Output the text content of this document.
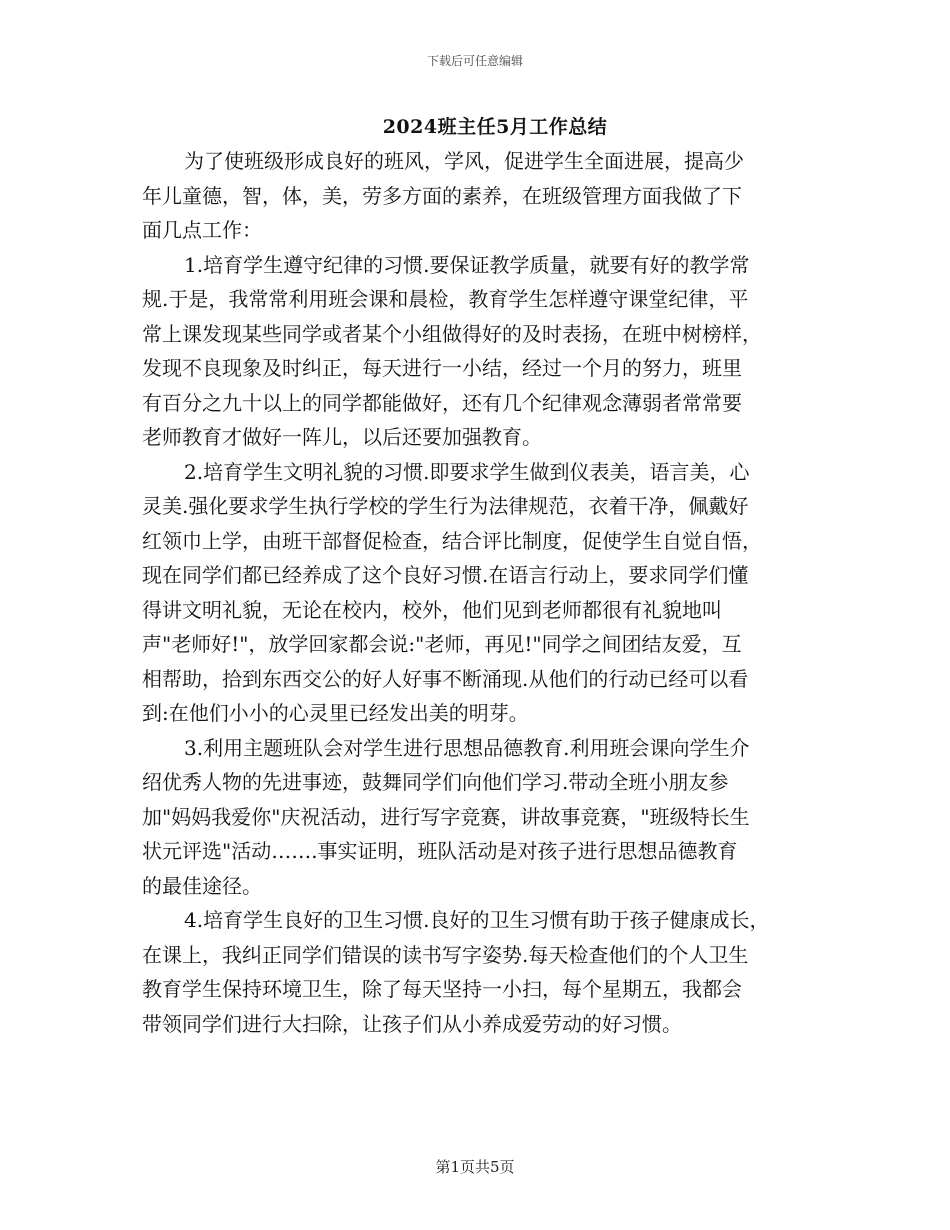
下载后可任意编辑
2024班主任5月工作总结
为了使班级形成良好的班风，学风，促进学生全面进展，提高少
年儿童德，智，体，美，劳多方面的素养，在班级管理方面我做了下
面几点工作：
1.培育学生遵守纪律的习惯.要保证教学质量，就要有好的教学常
规.于是，我常常利用班会课和晨检，教育学生怎样遵守课堂纪律，平
常上课发现某些同学或者某个小组做得好的及时表扬，在班中树榜样，
发现不良现象及时纠正，每天进行一小结，经过一个月的努力，班里
有百分之九十以上的同学都能做好，还有几个纪律观念薄弱者常常要
老师教育才做好一阵儿，以后还要加强教育。
2.培育学生文明礼貌的习惯.即要求学生做到仪表美，语言美，心
灵美.强化要求学生执行学校的学生行为法律规范，衣着干净，佩戴好
红领巾上学，由班干部督促检查，结合评比制度，促使学生自觉自悟，
现在同学们都已经养成了这个良好习惯.在语言行动上，要求同学们懂
得讲文明礼貌，无论在校内，校外，他们见到老师都很有礼貌地叫
声"老师好!"，放学回家都会说:"老师，再见!"同学之间团结友爱，互
相帮助，拾到东西交公的好人好事不断涌现.从他们的行动已经可以看
到:在他们小小的心灵里已经发出美的明芽。
3.利用主题班队会对学生进行思想品德教育.利用班会课向学生介
绍优秀人物的先进事迹，鼓舞同学们向他们学习.带动全班小朋友参
加"妈妈我爱你"庆祝活动，进行写字竞赛，讲故事竞赛，"班级特长生
状元评选"活动…….事实证明，班队活动是对孩子进行思想品德教育
的最佳途径。
4.培育学生良好的卫生习惯.良好的卫生习惯有助于孩子健康成长，
在课上，我纠正同学们错误的读书写字姿势.每天检查他们的个人卫生
教育学生保持环境卫生，除了每天坚持一小扫，每个星期五，我都会
带领同学们进行大扫除，让孩子们从小养成爱劳动的好习惯。
第1页共5页
